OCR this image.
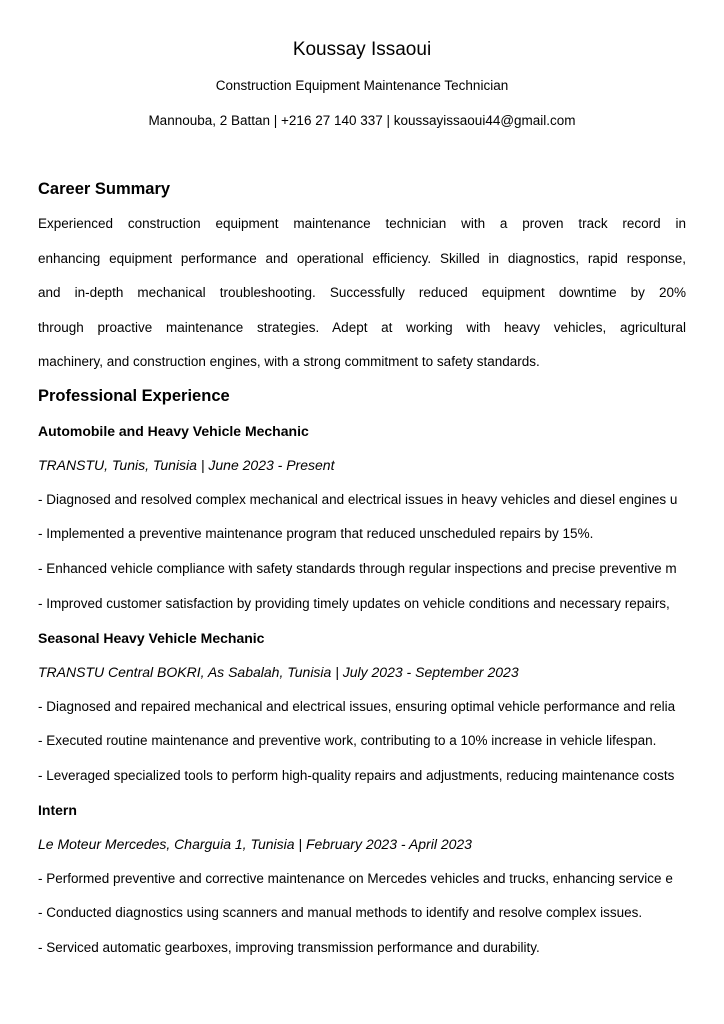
Koussay Issaoui
Construction Equipment Maintenance Technician
Mannouba, 2 Battan | +216 27 140 337 | koussayissaoui44@gmail.com
Career Summary
Experienced construction equipment maintenance technician with a proven track record in
enhancing equipment performance and operational efficiency. Skilled in diagnostics, rapid response,
and in-depth mechanical troubleshooting. Successfully reduced equipment downtime by 20%
through proactive maintenance strategies. Adept at working with heavy vehicles, agricultural
machinery, and construction engines, with a strong commitment to safety standards.
Professional Experience
Automobile and Heavy Vehicle Mechanic
TRANSTU, Tunis, Tunisia | June 2023 - Present
- Diagnosed and resolved complex mechanical and electrical issues in heavy vehicles and diesel engines u
- Implemented a preventive maintenance program that reduced unscheduled repairs by 15%.
- Enhanced vehicle compliance with safety standards through regular inspections and precise preventive m
- Improved customer satisfaction by providing timely updates on vehicle conditions and necessary repairs,
Seasonal Heavy Vehicle Mechanic
TRANSTU Central BOKRI, As Sabalah, Tunisia | July 2023 - September 2023
- Diagnosed and repaired mechanical and electrical issues, ensuring optimal vehicle performance and relia
- Executed routine maintenance and preventive work, contributing to a 10% increase in vehicle lifespan.
- Leveraged specialized tools to perform high-quality repairs and adjustments, reducing maintenance costs
Intern
Le Moteur Mercedes, Charguia 1, Tunisia | February 2023 - April 2023
- Performed preventive and corrective maintenance on Mercedes vehicles and trucks, enhancing service e
- Conducted diagnostics using scanners and manual methods to identify and resolve complex issues.
- Serviced automatic gearboxes, improving transmission performance and durability.
